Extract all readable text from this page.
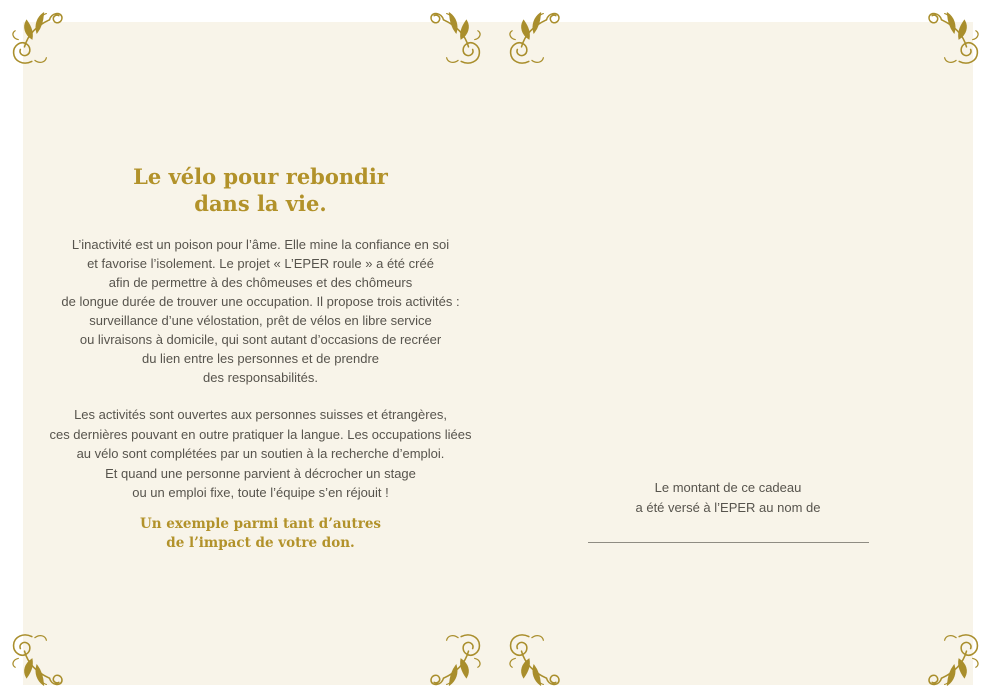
Le vélo pour rebondir
dans la vie.
L’inactivité est un poison pour l’âme. Elle mine la confiance en soi
et favorise l’isolement. Le projet « L’EPER roule » a été créé
afin de permettre à des chômeuses et des chômeurs
de longue durée de trouver une occupation. Il propose trois activités :
surveillance d’une vélostation, prêt de vélos en libre service
ou livraisons à domicile, qui sont autant d’occasions de recréer
du lien entre les personnes et de prendre
des responsabilités.
Les activités sont ouvertes aux personnes suisses et étrangères,
ces dernières pouvant en outre pratiquer la langue. Les occupations liées
au vélo sont complétées par un soutien à la recherche d’emploi.
Et quand une personne parvient à décrocher un stage
ou un emploi fixe, toute l’équipe s’en réjouit !
Un exemple parmi tant d’autres
de l’impact de votre don.
Le montant de ce cadeau
a été versé à l’EPER au nom de
